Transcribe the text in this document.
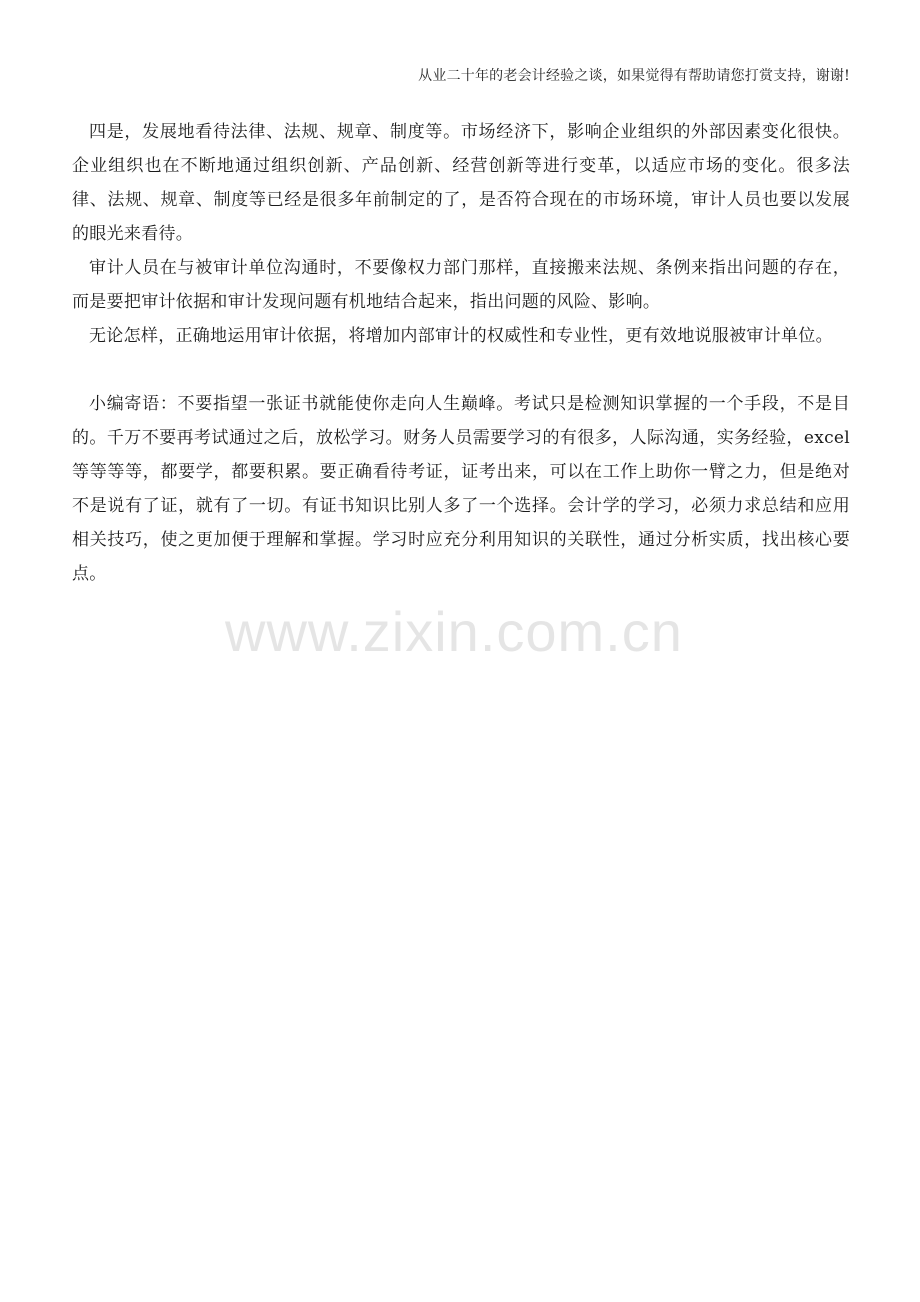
从业二十年的老会计经验之谈，如果觉得有帮助请您打赏支持，谢谢!

四是，发展地看待法律、法规、规章、制度等。市场经济下，影响企业组织的外部因素变化很快。企业组织也在不断地通过组织创新、产品创新、经营创新等进行变革，以适应市场的变化。很多法律、法规、规章、制度等已经是很多年前制定的了，是否符合现在的市场环境，审计人员也要以发展的眼光来看待。

审计人员在与被审计单位沟通时，不要像权力部门那样，直接搬来法规、条例来指出问题的存在，而是要把审计依据和审计发现问题有机地结合起来，指出问题的风险、影响。

无论怎样，正确地运用审计依据，将增加内部审计的权威性和专业性，更有效地说服被审计单位。

小编寄语：不要指望一张证书就能使你走向人生巅峰。考试只是检测知识掌握的一个手段，不是目的。千万不要再考试通过之后，放松学习。财务人员需要学习的有很多，人际沟通，实务经验，excel 等等等等，都要学，都要积累。要正确看待考证，证考出来，可以在工作上助你一臂之力，但是绝对不是说有了证，就有了一切。有证书知识比别人多了一个选择。会计学的学习，必须力求总结和应用相关技巧，使之更加便于理解和掌握。学习时应充分利用知识的关联性，通过分析实质，找出核心要点。

www.zixin.com.cn
